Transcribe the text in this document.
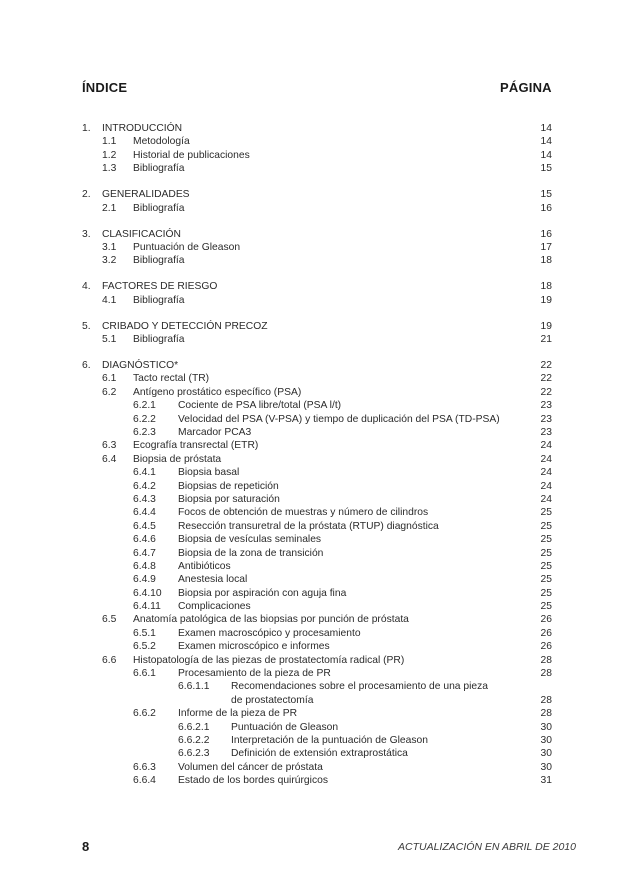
ÍNDICE	PÁGINA
1. INTRODUCCIÓN	14
1.1 Metodología	14
1.2 Historial de publicaciones	14
1.3 Bibliografía	15
2. GENERALIDADES	15
2.1 Bibliografía	16
3. CLASIFICACIÓN	16
3.1 Puntuación de Gleason	17
3.2 Bibliografía	18
4. FACTORES DE RIESGO	18
4.1 Bibliografía	19
5. CRIBADO Y DETECCIÓN PRECOZ	19
5.1 Bibliografía	21
6. DIAGNÓSTICO*	22
6.1 Tacto rectal (TR)	22
6.2 Antígeno prostático específico (PSA)	22
6.2.1 Cociente de PSA libre/total (PSA l/t)	23
6.2.2 Velocidad del PSA (V-PSA) y tiempo de duplicación del PSA (TD-PSA)	23
6.2.3 Marcador PCA3	23
6.3 Ecografía transrectal (ETR)	24
6.4 Biopsia de próstata	24
6.4.1 Biopsia basal	24
6.4.2 Biopsias de repetición	24
6.4.3 Biopsia por saturación	24
6.4.4 Focos de obtención de muestras y número de cilindros	25
6.4.5 Resección transuretral de la próstata (RTUP) diagnóstica	25
6.4.6 Biopsia de vesículas seminales	25
6.4.7 Biopsia de la zona de transición	25
6.4.8 Antibióticos	25
6.4.9 Anestesia local	25
6.4.10 Biopsia por aspiración con aguja fina	25
6.4.11 Complicaciones	25
6.5 Anatomía patológica de las biopsias por punción de próstata	26
6.5.1 Examen macroscópico y procesamiento	26
6.5.2 Examen microscópico e informes	26
6.6 Histopatología de las piezas de prostatectomía radical (PR)	28
6.6.1 Procesamiento de la pieza de PR	28
6.6.1.1 Recomendaciones sobre el procesamiento de una pieza
de prostatectomía	28
6.6.2 Informe de la pieza de PR	28
6.6.2.1 Puntuación de Gleason	30
6.6.2.2 Interpretación de la puntuación de Gleason	30
6.6.2.3 Definición de extensión extraprostática	30
6.6.3 Volumen del cáncer de próstata	30
6.6.4 Estado de los bordes quirúrgicos	31
8	ACTUALIZACIÓN EN ABRIL DE 2010
